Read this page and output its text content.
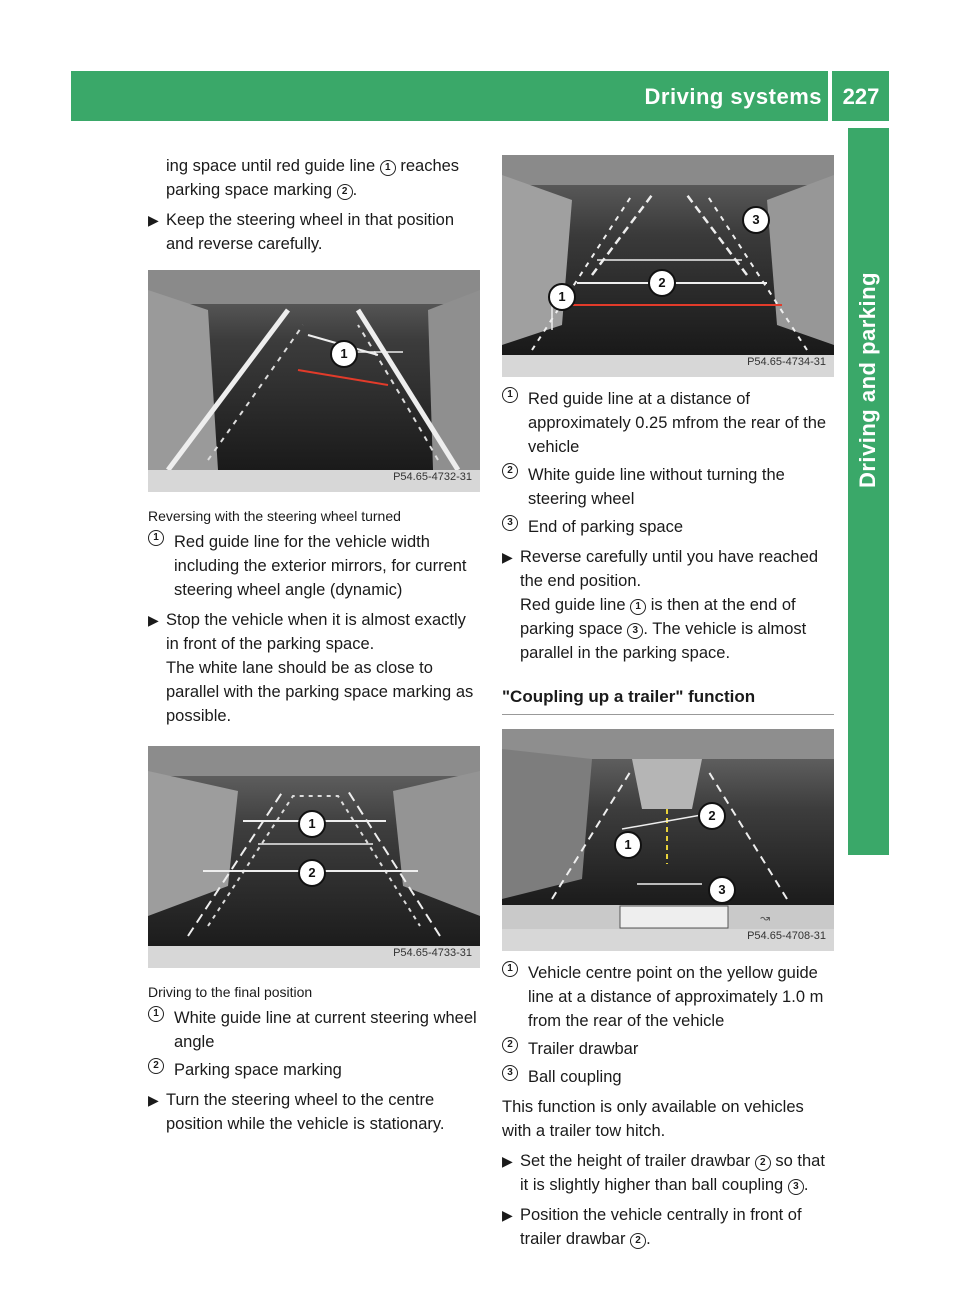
Driving systems 227
Driving and parking

ing space until red guide line 1 reaches
parking space marking 2 .

▶ Keep the steering wheel in that position and reverse carefully.

1
P54.65-4732-31

Reversing with the steering wheel turned

1 Red guide line for the vehicle width including the exterior mirrors, for current steering wheel angle (dynamic)

▶ Stop the vehicle when it is almost exactly in front of the parking space.
The white lane should be as close to parallel with the parking space marking as possible.

1
2
P54.65-4733-31

Driving to the final position

1 White guide line at current steering wheel angle

2 Parking space marking

▶ Turn the steering wheel to the centre position while the vehicle is stationary.

3
2
1
P54.65-4734-31

1 Red guide line at a distance of approximately 0.25 mfrom the rear of the vehicle

2 White guide line without turning the steering wheel

3 End of parking space

▶ Reverse carefully until you have reached the end position.
Red guide line 1 is then at the end of parking space 3 . The vehicle is almost parallel in the parking space.

"Coupling up a trailer" function

↝
2
1
3
P54.65-4708-31

1 Vehicle centre point on the yellow guide line at a distance of approximately 1.0 m from the rear of the vehicle

2 Trailer drawbar

3 Ball coupling

This function is only available on vehicles with a trailer tow hitch.

▶ Set the height of trailer drawbar 2 so that it is slightly higher than ball coupling 3 .

▶ Position the vehicle centrally in front of trailer drawbar 2 .
